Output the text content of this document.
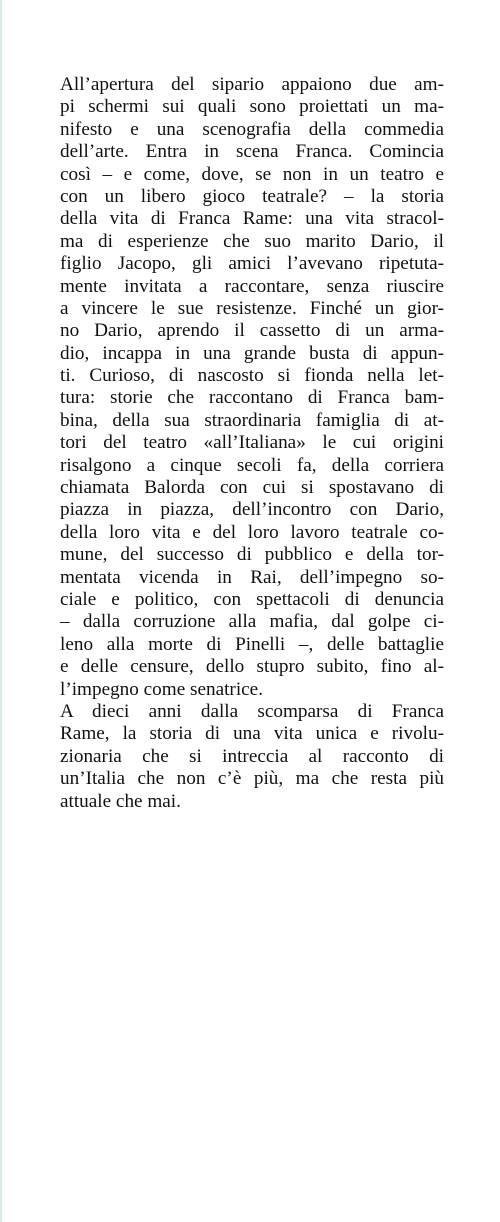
All’apertura del sipario appaiono due am-
pi schermi sui quali sono proiettati un ma-
nifesto e una scenografia della commedia
dell’arte. Entra in scena Franca. Comincia
così – e come, dove, se non in un teatro e
con un libero gioco teatrale? – la storia
della vita di Franca Rame: una vita stracol-
ma di esperienze che suo marito Dario, il
figlio Jacopo, gli amici l’avevano ripetuta-
mente invitata a raccontare, senza riuscire
a vincere le sue resistenze. Finché un gior-
no Dario, aprendo il cassetto di un arma-
dio, incappa in una grande busta di appun-
ti. Curioso, di nascosto si fionda nella let-
tura: storie che raccontano di Franca bam-
bina, della sua straordinaria famiglia di at-
tori del teatro «all’Italiana» le cui origini
risalgono a cinque secoli fa, della corriera
chiamata Balorda con cui si spostavano di
piazza in piazza, dell’incontro con Dario,
della loro vita e del loro lavoro teatrale co-
mune, del successo di pubblico e della tor-
mentata vicenda in Rai, dell’impegno so-
ciale e politico, con spettacoli di denuncia
– dalla corruzione alla mafia, dal golpe ci-
leno alla morte di Pinelli –, delle battaglie
e delle censure, dello stupro subito, fino al-
l’impegno come senatrice.
A dieci anni dalla scomparsa di Franca
Rame, la storia di una vita unica e rivolu-
zionaria che si intreccia al racconto di
un’Italia che non c’è più, ma che resta più
attuale che mai.
